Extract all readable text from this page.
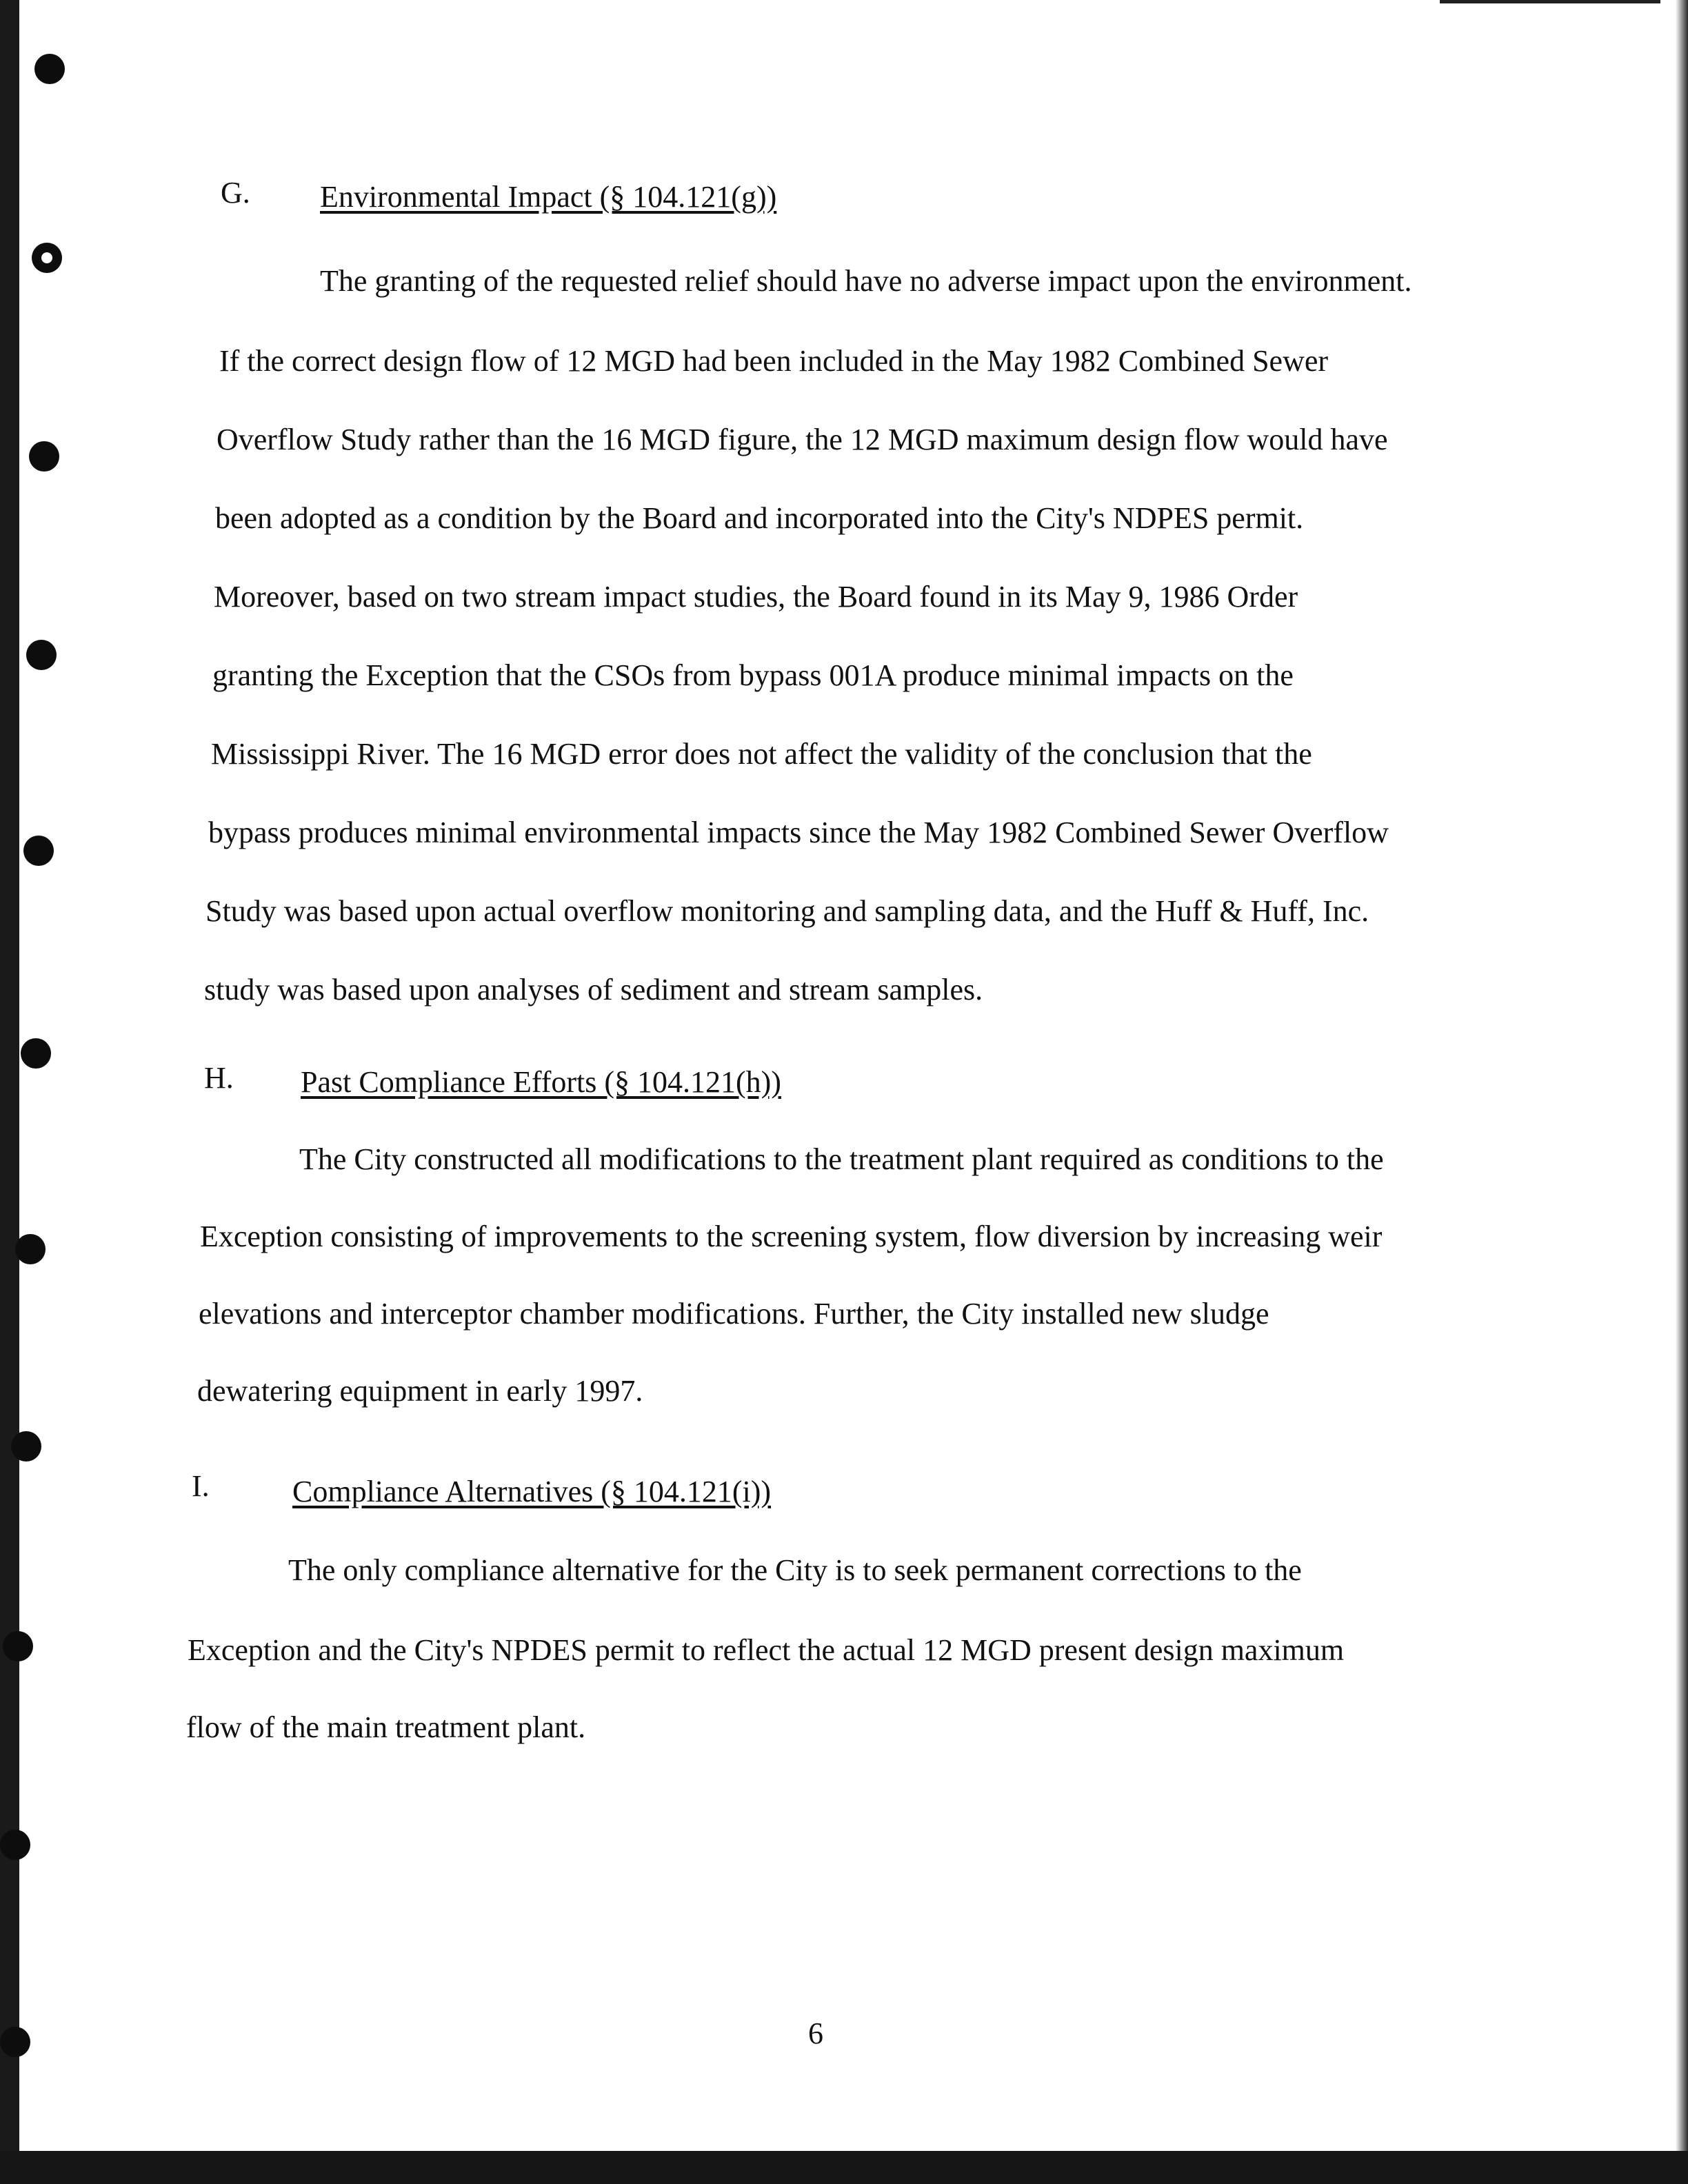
G. Environmental Impact (§ 104.121(g))
The granting of the requested relief should have no adverse impact upon the environment.
If the correct design flow of 12 MGD had been included in the May 1982 Combined Sewer
Overflow Study rather than the 16 MGD figure, the 12 MGD maximum design flow would have
been adopted as a condition by the Board and incorporated into the City's NDPES permit.
Moreover, based on two stream impact studies, the Board found in its May 9, 1986 Order
granting the Exception that the CSOs from bypass 001A produce minimal impacts on the
Mississippi River. The 16 MGD error does not affect the validity of the conclusion that the
bypass produces minimal environmental impacts since the May 1982 Combined Sewer Overflow
Study was based upon actual overflow monitoring and sampling data, and the Huff & Huff, Inc.
study was based upon analyses of sediment and stream samples.
H. Past Compliance Efforts (§ 104.121(h))
The City constructed all modifications to the treatment plant required as conditions to the
Exception consisting of improvements to the screening system, flow diversion by increasing weir
elevations and interceptor chamber modifications. Further, the City installed new sludge
dewatering equipment in early 1997.
I.	Compliance Alternatives (§ 104.121(i))
The only compliance alternative for the City is to seek permanent corrections to the
Exception and the City's NPDES permit to reflect the actual 12 MGD present design maximum
flow of the main treatment plant.
6
